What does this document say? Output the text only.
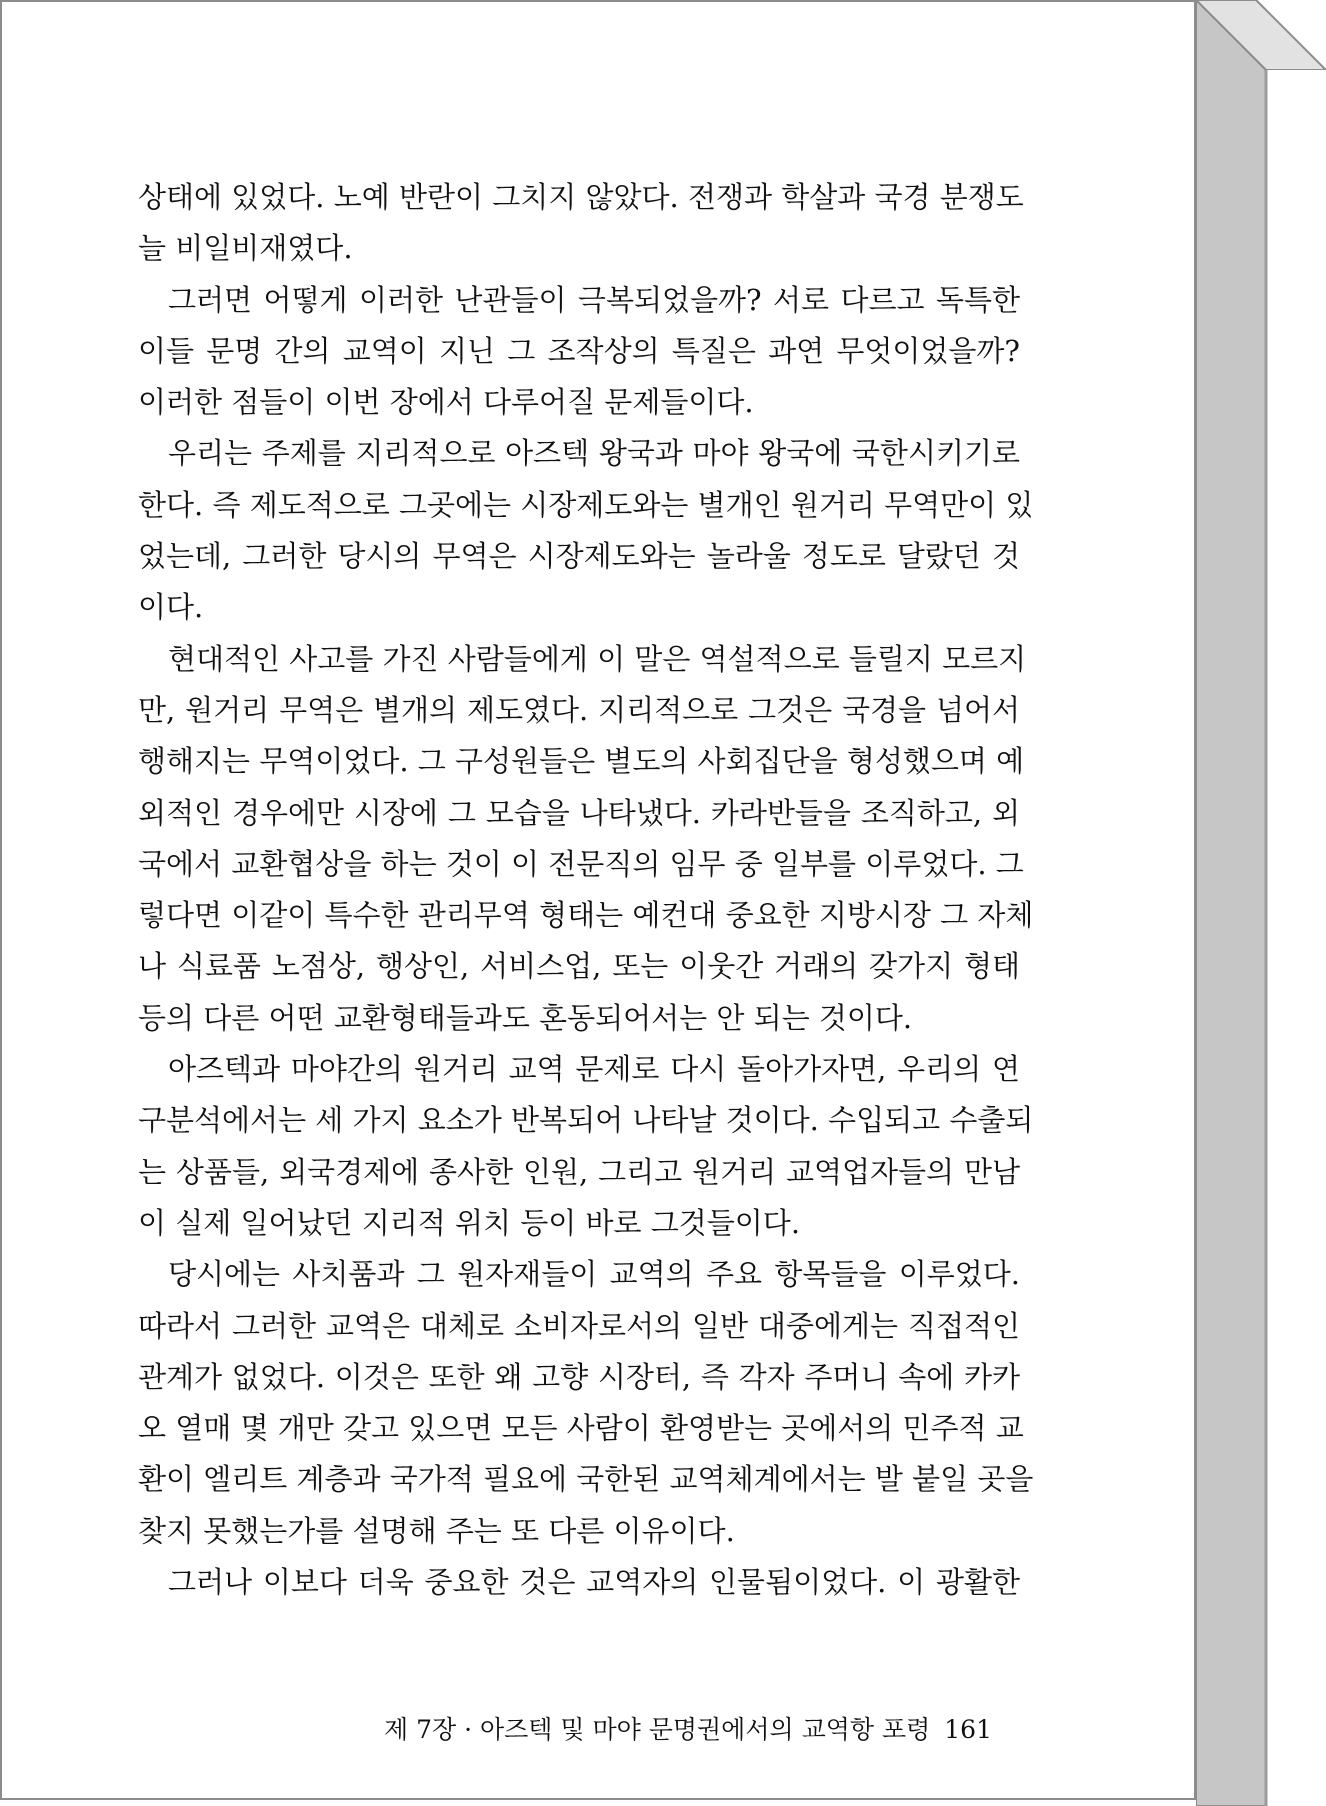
상태에 있었다. 노예 반란이 그치지 않았다. 전쟁과 학살과 국경 분쟁도
늘 비일비재였다.
그러면 어떻게 이러한 난관들이 극복되었을까? 서로 다르고 독특한
이들 문명 간의 교역이 지닌 그 조작상의 특질은 과연 무엇이었을까?
이러한 점들이 이번 장에서 다루어질 문제들이다.
우리는 주제를 지리적으로 아즈텍 왕국과 마야 왕국에 국한시키기로
한다. 즉 제도적으로 그곳에는 시장제도와는 별개인 원거리 무역만이 있
었는데, 그러한 당시의 무역은 시장제도와는 놀라울 정도로 달랐던 것
이다.
현대적인 사고를 가진 사람들에게 이 말은 역설적으로 들릴지 모르지
만, 원거리 무역은 별개의 제도였다. 지리적으로 그것은 국경을 넘어서
행해지는 무역이었다. 그 구성원들은 별도의 사회집단을 형성했으며 예
외적인 경우에만 시장에 그 모습을 나타냈다. 카라반들을 조직하고, 외
국에서 교환협상을 하는 것이 이 전문직의 임무 중 일부를 이루었다. 그
렇다면 이같이 특수한 관리무역 형태는 예컨대 중요한 지방시장 그 자체
나 식료품 노점상, 행상인, 서비스업, 또는 이웃간 거래의 갖가지 형태
등의 다른 어떤 교환형태들과도 혼동되어서는 안 되는 것이다.
아즈텍과 마야간의 원거리 교역 문제로 다시 돌아가자면, 우리의 연
구분석에서는 세 가지 요소가 반복되어 나타날 것이다. 수입되고 수출되
는 상품들, 외국경제에 종사한 인원, 그리고 원거리 교역업자들의 만남
이 실제 일어났던 지리적 위치 등이 바로 그것들이다.
당시에는 사치품과 그 원자재들이 교역의 주요 항목들을 이루었다.
따라서 그러한 교역은 대체로 소비자로서의 일반 대중에게는 직접적인
관계가 없었다. 이것은 또한 왜 고향 시장터, 즉 각자 주머니 속에 카카
오 열매 몇 개만 갖고 있으면 모든 사람이 환영받는 곳에서의 민주적 교
환이 엘리트 계층과 국가적 필요에 국한된 교역체계에서는 발 붙일 곳을
찾지 못했는가를 설명해 주는 또 다른 이유이다.
그러나 이보다 더욱 중요한 것은 교역자의 인물됨이었다. 이 광활한
제 7장 · 아즈텍 및 마야 문명권에서의 교역항 포령 161
